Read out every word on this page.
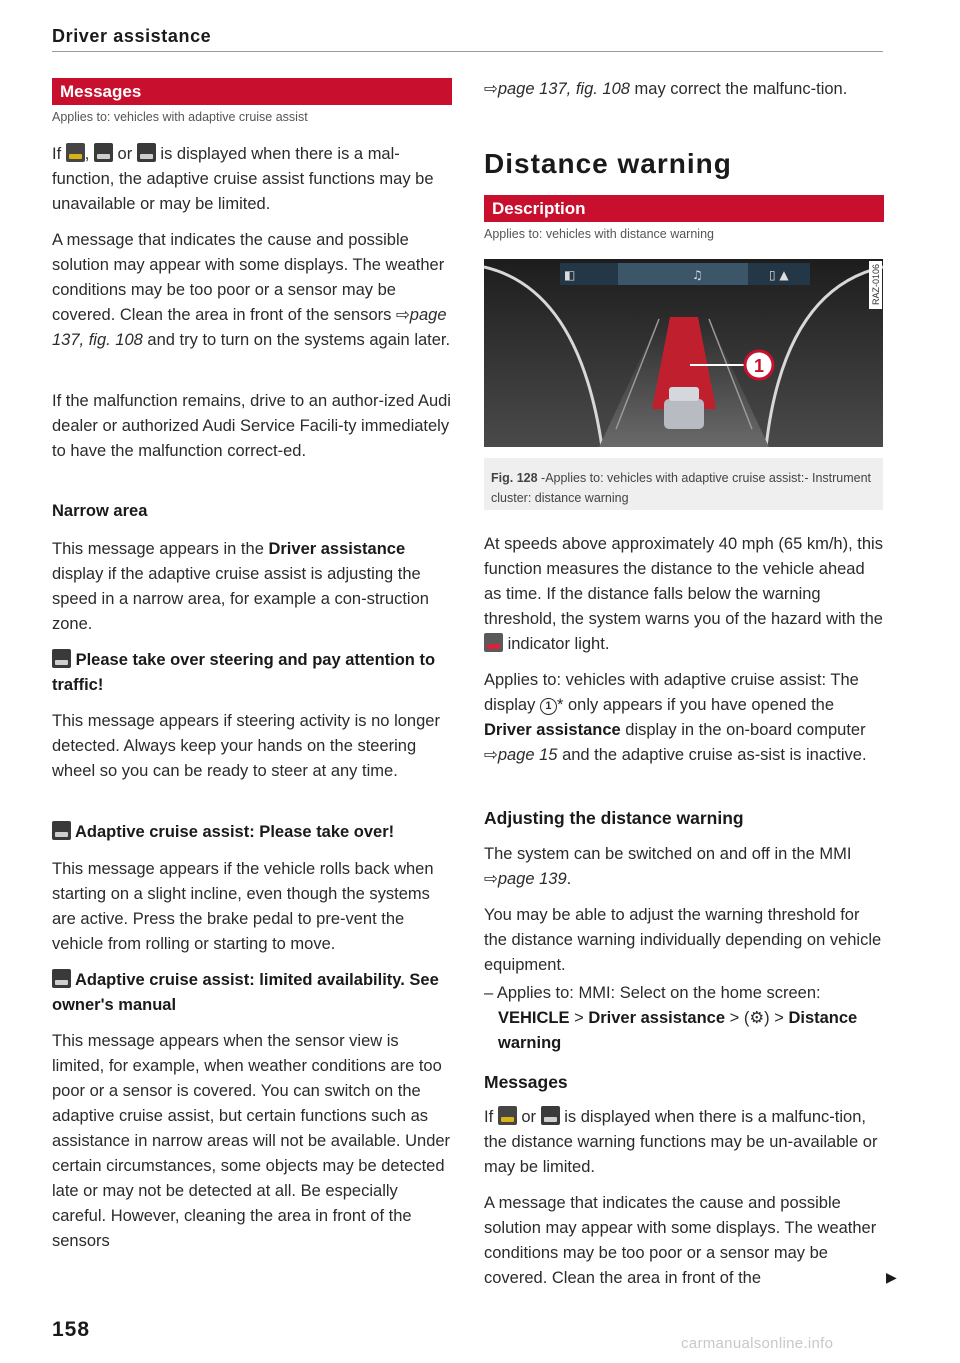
Driver assistance
Messages
Applies to: vehicles with adaptive cruise assist
If , or is displayed when there is a mal-function, the adaptive cruise assist functions may be unavailable or may be limited.
A message that indicates the cause and possible solution may appear with some displays. The weather conditions may be too poor or a sensor may be covered. Clean the area in front of the sensors ⇨page 137, fig. 108 and try to turn on the systems again later.
If the malfunction remains, drive to an author-ized Audi dealer or authorized Audi Service Facili-ty immediately to have the malfunction correct-ed.
Narrow area
This message appears in the Driver assistance display if the adaptive cruise assist is adjusting the speed in a narrow area, for example a con-struction zone.
Please take over steering and pay attention to traffic!
This message appears if steering activity is no longer detected. Always keep your hands on the steering wheel so you can be ready to steer at any time.
Adaptive cruise assist: Please take over!
This message appears if the vehicle rolls back when starting on a slight incline, even though the systems are active. Press the brake pedal to pre-vent the vehicle from rolling or starting to move.
Adaptive cruise assist: limited availability. See owner's manual
This message appears when the sensor view is limited, for example, when weather conditions are too poor or a sensor is covered. You can switch on the adaptive cruise assist, but certain functions such as assistance in narrow areas will not be available. Under certain circumstances, some objects may be detected late or may not be detected at all. Be especially careful. However, cleaning the area in front of the sensors
⇨page 137, fig. 108 may correct the malfunc-tion.
Distance warning
Description
Applies to: vehicles with distance warning
◧	♫	▯ ▲
1
RAZ-0106
Fig. 128 -Applies to: vehicles with adaptive cruise assist:- Instrument cluster: distance warning
At speeds above approximately 40 mph (65 km/h), this function measures the distance to the vehicle ahead as time. If the distance falls below the warning threshold, the system warns you of the hazard with the  indicator light.
Applies to: vehicles with adaptive cruise assist: The display 1 * only appears if you have opened the Driver assistance display in the on-board computer ⇨page 15 and the adaptive cruise as-sist is inactive.
Adjusting the distance warning
The system can be switched on and off in the MMI ⇨page 139.
You may be able to adjust the warning threshold for the distance warning individually depending on vehicle equipment.
– Applies to: MMI: Select on the home screen:
VEHICLE > Driver assistance > (⚙) > Distance warning
Messages
If or is displayed when there is a malfunc-tion, the distance warning functions may be un-available or may be limited.
A message that indicates the cause and possible solution may appear with some displays. The weather conditions may be too poor or a sensor may be covered. Clean the area in front of the	▶
158
carmanualsonline.info
